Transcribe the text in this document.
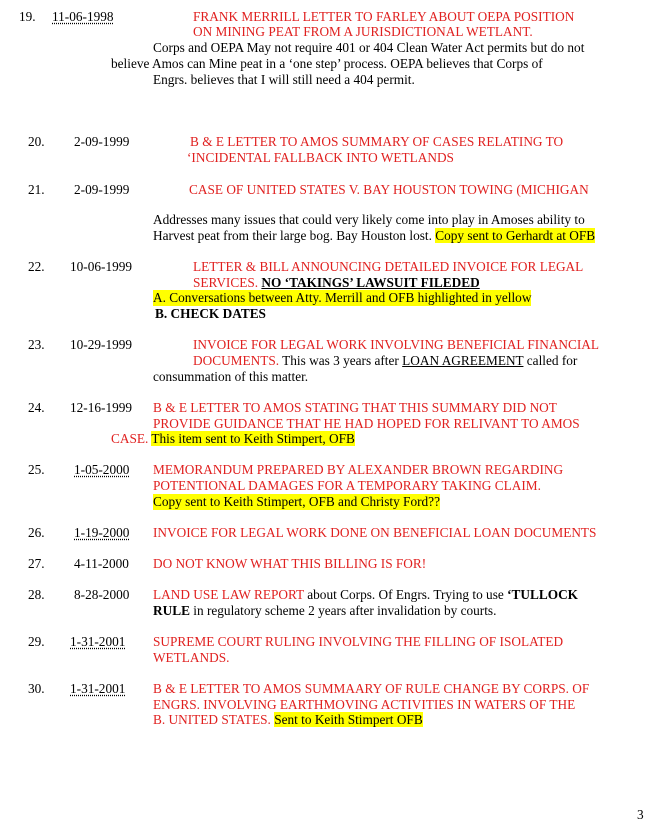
19. 11-06-1998	FRANK MERRILL LETTER TO FARLEY ABOUT OEPA POSITION
ON MINING PEAT FROM A JURISDICTIONAL WETLANT.
Corps and OEPA May not require 401 or 404 Clean Water Act permits but do not
believe Amos can Mine peat in a ‘one step’ process. OEPA believes that Corps of
Engrs. believes that I will still need a 404 permit.
20. 2-09-1999	B & E LETTER TO AMOS SUMMARY OF CASES RELATING TO
‘INCIDENTAL FALLBACK INTO WETLANDS
21. 2-09-1999	CASE OF UNITED STATES V. BAY HOUSTON TOWING (MICHIGAN
Addresses many issues that could very likely come into play in Amoses ability to
Harvest peat from their large bog. Bay Houston lost. Copy sent to Gerhardt at OFB
22. 10-06-1999	LETTER & BILL ANNOUNCING DETAILED INVOICE FOR LEGAL
SERVICES. NO ‘TAKINGS’ LAWSUIT FILEDED
A. Conversations between Atty. Merrill and OFB highlighted in yellow
B. CHECK DATES
23. 10-29-1999	INVOICE FOR LEGAL WORK INVOLVING BENEFICIAL FINANCIAL
DOCUMENTS. This was 3 years after LOAN AGREEMENT called for
consummation of this matter.
24. 12-16-1999 B & E LETTER TO AMOS STATING THAT THIS SUMMARY DID NOT
PROVIDE GUIDANCE THAT HE HAD HOPED FOR RELIVANT TO AMOS
CASE. This item sent to Keith Stimpert, OFB
25. 1-05-2000 MEMORANDUM PREPARED BY ALEXANDER BROWN REGARDING
POTENTIONAL DAMAGES FOR A TEMPORARY TAKING CLAIM.
Copy sent to Keith Stimpert, OFB and Christy Ford??
26. 1-19-2000 INVOICE FOR LEGAL WORK DONE ON BENEFICIAL LOAN DOCUMENTS
27. 4-11-2000 DO NOT KNOW WHAT THIS BILLING IS FOR!
28. 8-28-2000 LAND USE LAW REPORT about Corps. Of Engrs. Trying to use ‘TULLOCK
RULE in regulatory scheme 2 years after invalidation by courts.
29. 1-31-2001 SUPREME COURT RULING INVOLVING THE FILLING OF ISOLATED
WETLANDS.
30. 1-31-2001 B & E LETTER TO AMOS SUMMAARY OF RULE CHANGE BY CORPS. OF
ENGRS. INVOLVING EARTHMOVING ACTIVITIES IN WATERS OF THE
B. UNITED STATES. Sent to Keith Stimpert OFB
3
